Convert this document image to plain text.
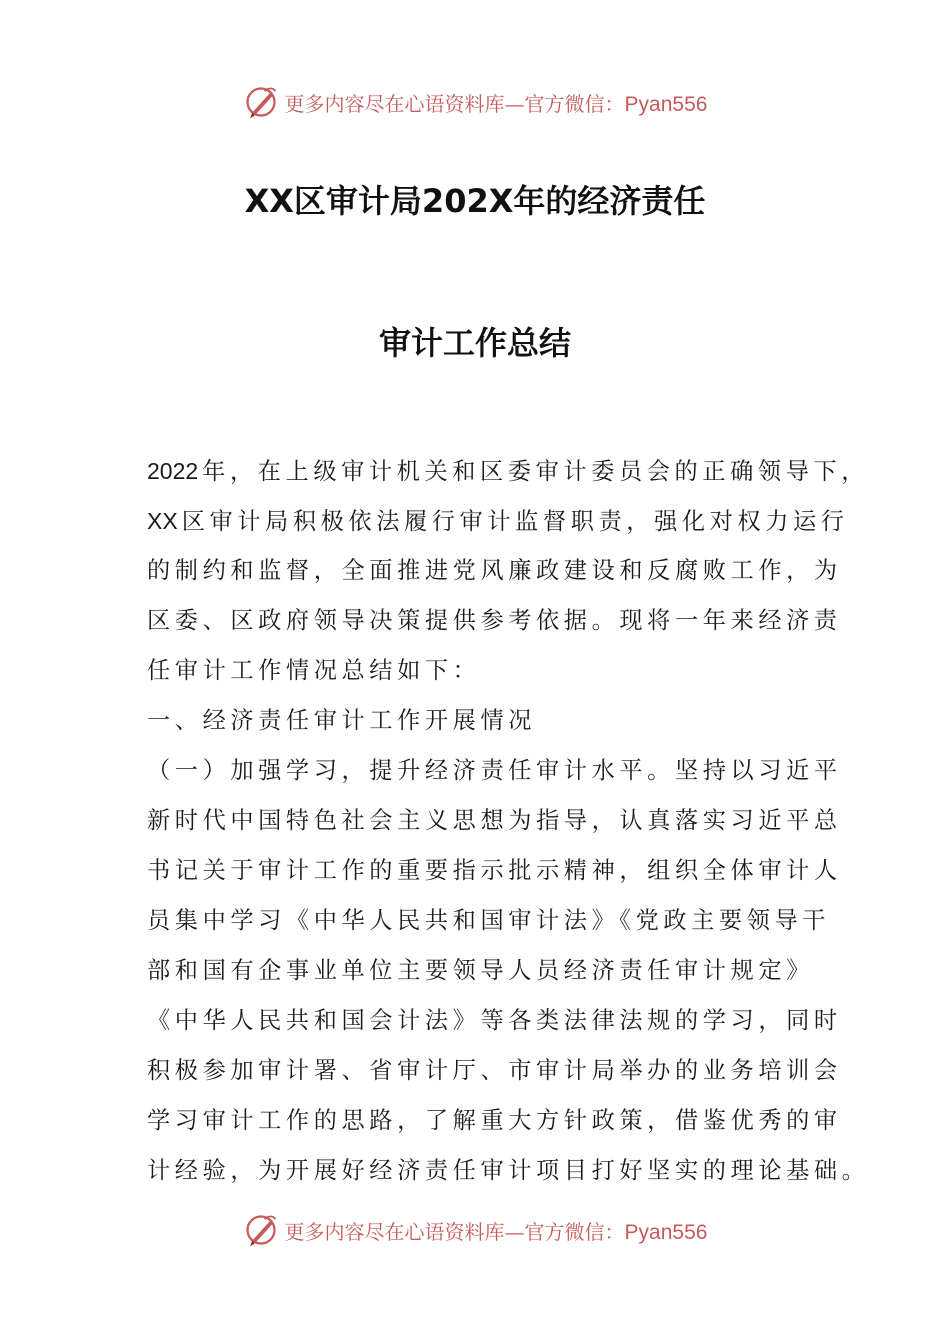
更多内容尽在心语资料库—官方微信：Pyan556
XX区审计局202X年的经济责任
审计工作总结
2022 年，在上级审计机关和区委审计委员会的正确领导下，
XX 区审计局积极依法履行审计监督职责，强化对权力运行
的制约和监督，全面推进党风廉政建设和反腐败工作，为
区委、区政府领导决策提供参考依据。现将一年来经济责
任审计工作情况总结如下：
一、经济责任审计工作开展情况
（一）加强学习，提升经济责任审计水平。坚持以习近平
新时代中国特色社会主义思想为指导，认真落实习近平总
书记关于审计工作的重要指示批示精神，组织全体审计人
员集中学习《中华人民共和国审计法》《党政主要领导干
部和国有企事业单位主要领导人员经济责任审计规定》
《中华人民共和国会计法》等各类法律法规的学习，同时
积极参加审计署、省审计厅、市审计局举办的业务培训会
学习审计工作的思路，了解重大方针政策，借鉴优秀的审
计经验，为开展好经济责任审计项目打好坚实的理论基础。
更多内容尽在心语资料库—官方微信：Pyan556
